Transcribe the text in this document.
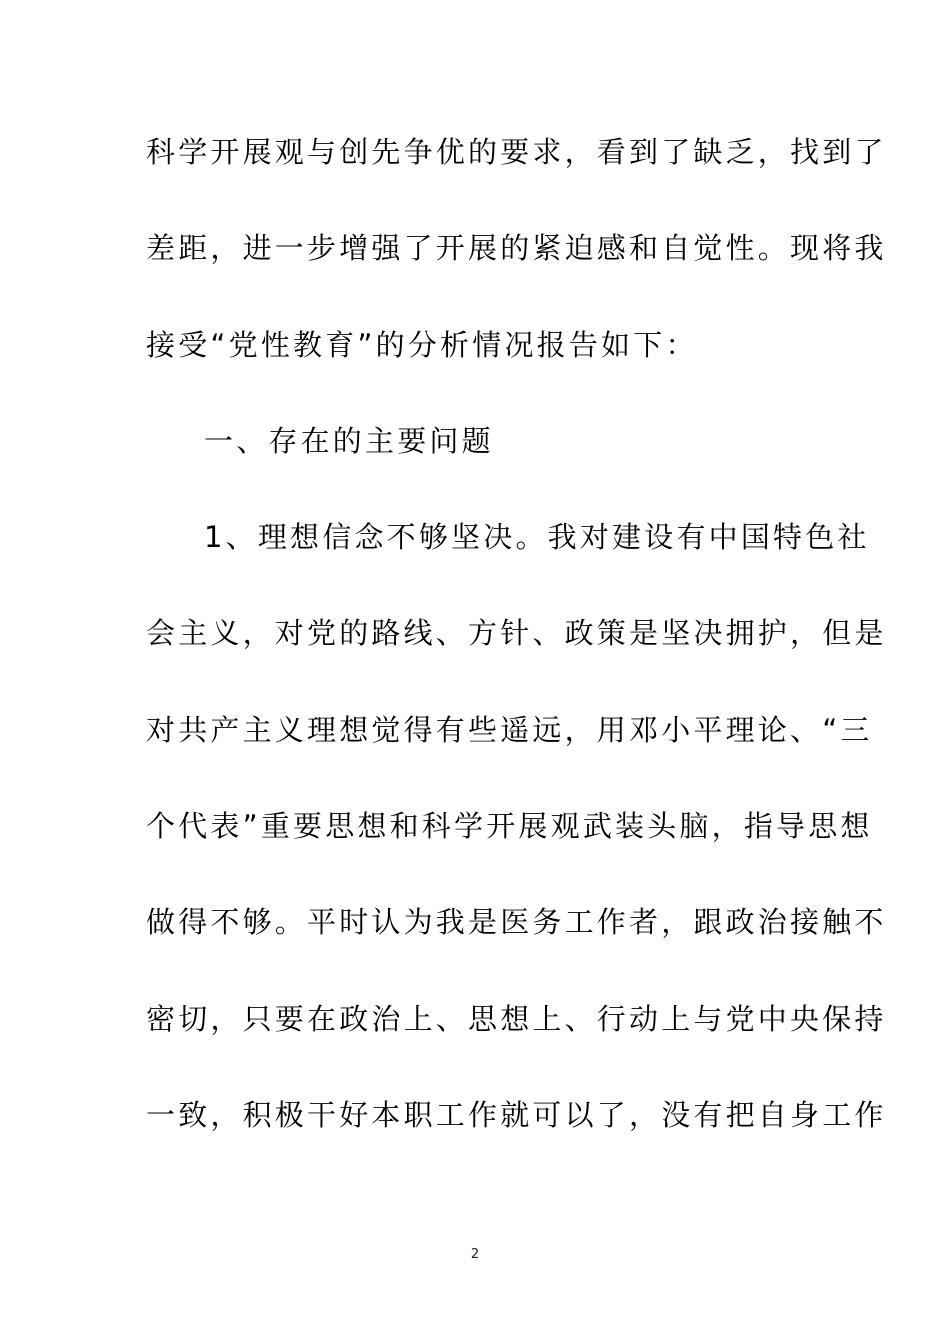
科学开展观与创先争优的要求，看到了缺乏，找到了
差距，进一步增强了开展的紧迫感和自觉性。现将我
接受“党性教育”的分析情况报告如下：
一、存在的主要问题
1、理想信念不够坚决。我对建设有中国特色社
会主义，对党的路线、方针、政策是坚决拥护，但是
对共产主义理想觉得有些遥远，用邓小平理论、“三
个代表”重要思想和科学开展观武装头脑，指导思想
做得不够。平时认为我是医务工作者，跟政治接触不
密切，只要在政治上、思想上、行动上与党中央保持
一致，积极干好本职工作就可以了，没有把自身工作
2
